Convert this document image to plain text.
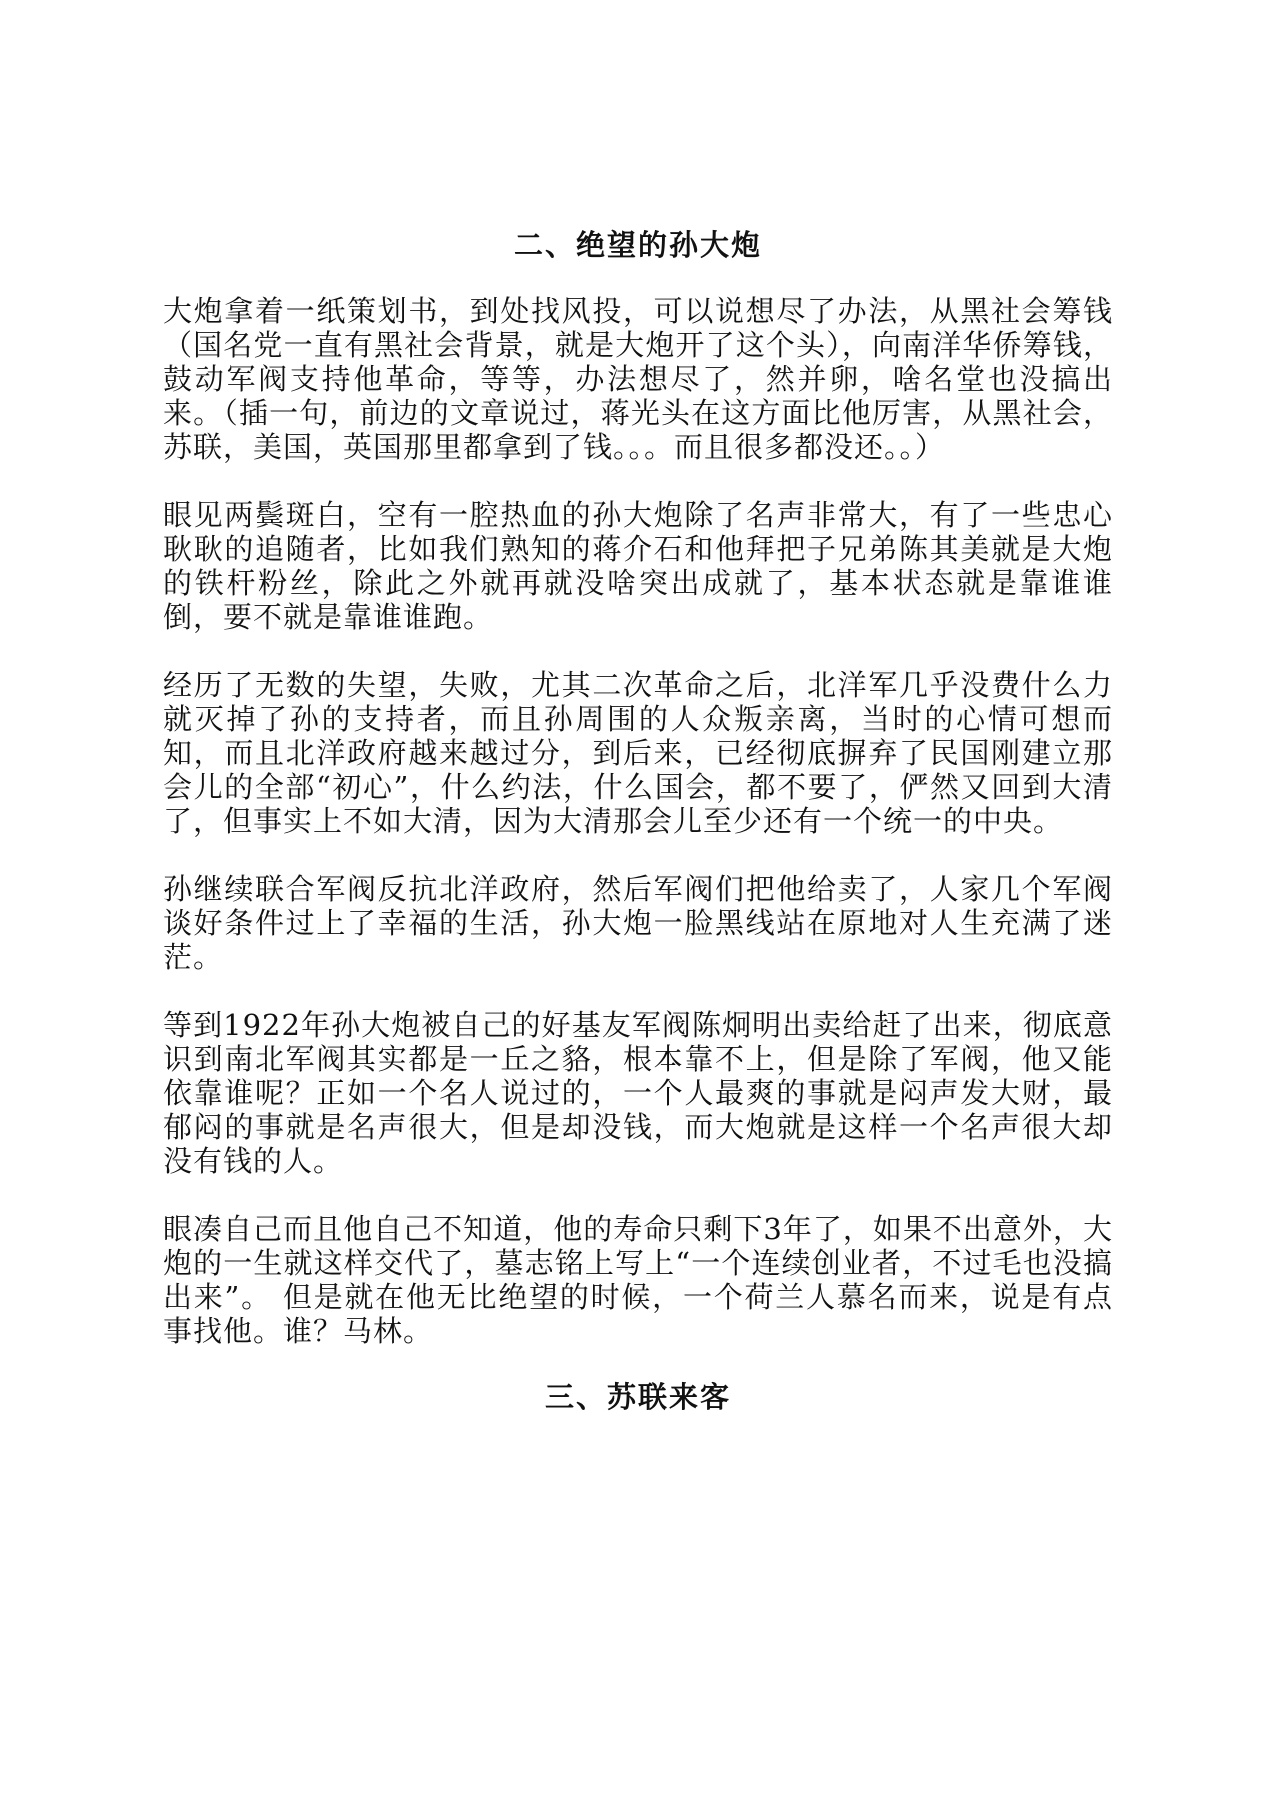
二、绝望的孙大炮

大炮拿着一纸策划书，到处找风投，可以说想尽了办法，从黑社会筹钱（国名党一直有黑社会背景，就是大炮开了这个头），向南洋华侨筹钱，鼓动军阀支持他革命，等等，办法想尽了，然并卵，啥名堂也没搞出来。（插一句，前边的文章说过，蒋光头在这方面比他厉害，从黑社会，苏联，美国，英国那里都拿到了钱。。。而且很多都没还。。）

眼见两鬓斑白，空有一腔热血的孙大炮除了名声非常大，有了一些忠心耿耿的追随者，比如我们熟知的蒋介石和他拜把子兄弟陈其美就是大炮的铁杆粉丝，除此之外就再就没啥突出成就了，基本状态就是靠谁谁倒，要不就是靠谁谁跑。

经历了无数的失望，失败，尤其二次革命之后，北洋军几乎没费什么力就灭掉了孙的支持者，而且孙周围的人众叛亲离，当时的心情可想而知，而且北洋政府越来越过分，到后来，已经彻底摒弃了民国刚建立那会儿的全部“初心”，什么约法，什么国会，都不要了，俨然又回到大清了，但事实上不如大清，因为大清那会儿至少还有一个统一的中央。

孙继续联合军阀反抗北洋政府，然后军阀们把他给卖了，人家几个军阀谈好条件过上了幸福的生活，孙大炮一脸黑线站在原地对人生充满了迷茫。

等到1922年孙大炮被自己的好基友军阀陈炯明出卖给赶了出来，彻底意识到南北军阀其实都是一丘之貉，根本靠不上，但是除了军阀，他又能依靠谁呢？正如一个名人说过的，一个人最爽的事就是闷声发大财，最郁闷的事就是名声很大，但是却没钱，而大炮就是这样一个名声很大却没有钱的人。

眼凑自己而且他自己不知道，他的寿命只剩下3年了，如果不出意外，大炮的一生就这样交代了，墓志铭上写上“一个连续创业者，不过毛也没搞出来”。 但是就在他无比绝望的时候，一个荷兰人慕名而来，说是有点事找他。谁？马林。

三、苏联来客
